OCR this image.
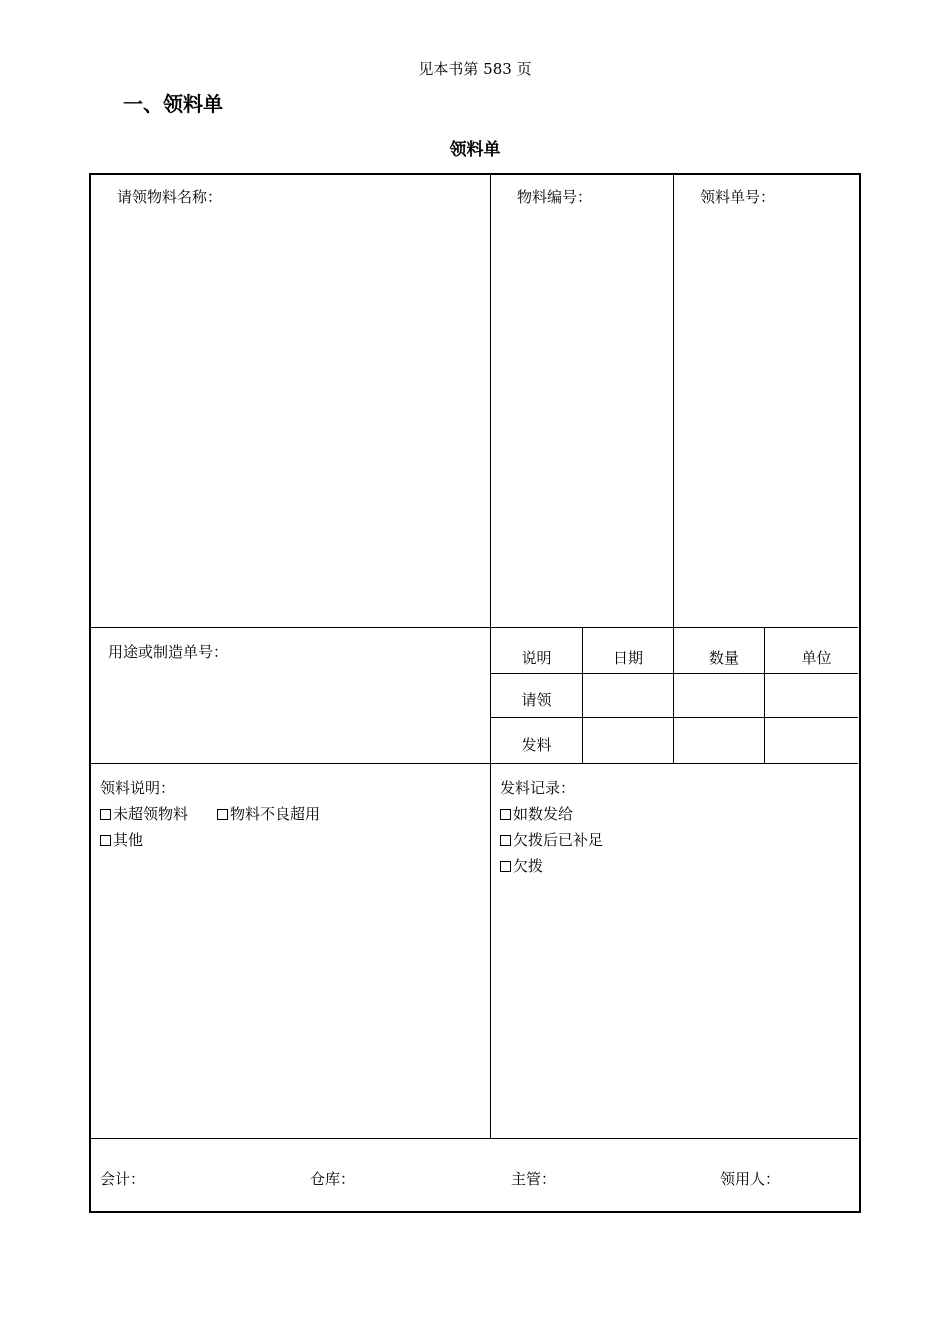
见本书第 583 页
一、领料单
领料单
请领物料名称：	物料编号：	领料单号：
用途或制造单号：	说明	日期	数量	单位
请领
发料
领料说明：
未超领物料	物料不良超用
其他
发料记录：
如数发给
欠拨后已补足
欠拨
会计：	仓库：	主管：	领用人：
